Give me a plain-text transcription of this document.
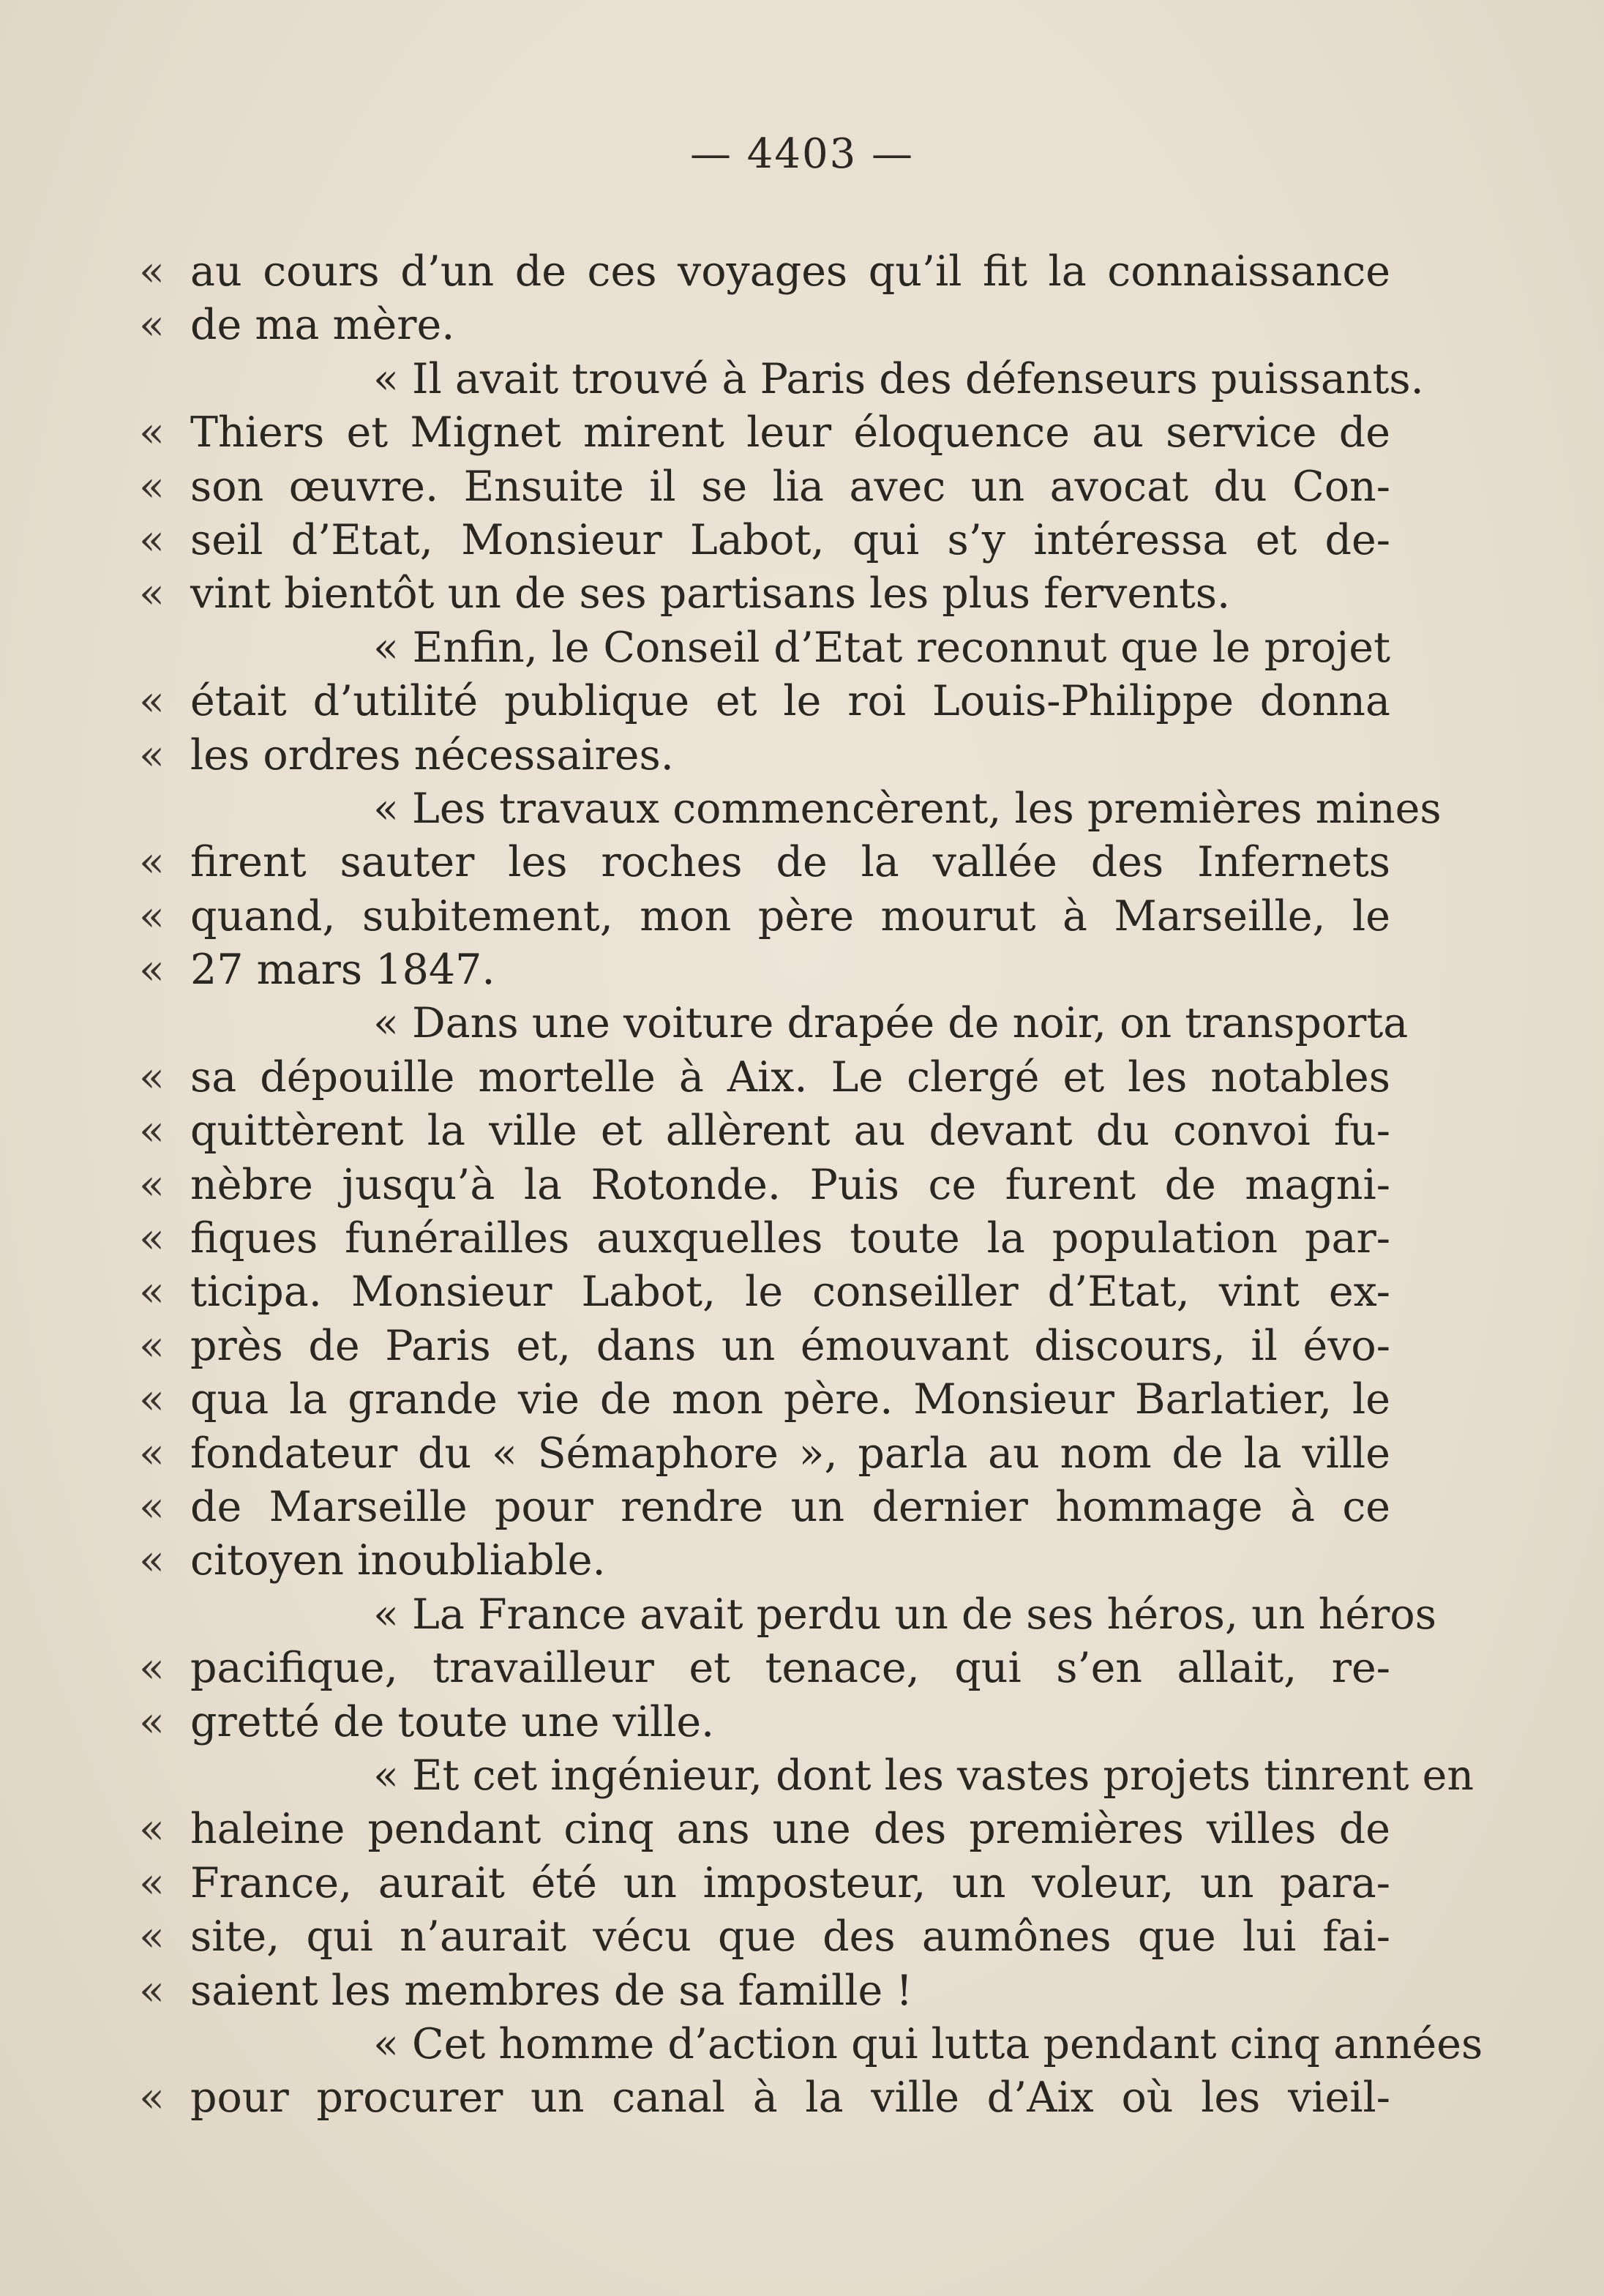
— 4403 —
« au cours d’un de ces voyages qu’il fit la connaissance
« de ma mère.
« Il avait trouvé à Paris des défenseurs puissants.
« Thiers et Mignet mirent leur éloquence au service de
« son œuvre. Ensuite il se lia avec un avocat du Con-
« seil d’Etat, Monsieur Labot, qui s’y intéressa et de-
« vint bientôt un de ses partisans les plus fervents.
« Enfin, le Conseil d’Etat reconnut que le projet
« était d’utilité publique et le roi Louis-Philippe donna
« les ordres nécessaires.
« Les travaux commencèrent, les premières mines
« firent sauter les roches de la vallée des Infernets
« quand, subitement, mon père mourut à Marseille, le
« 27 mars 1847.
« Dans une voiture drapée de noir, on transporta
« sa dépouille mortelle à Aix. Le clergé et les notables
« quittèrent la ville et allèrent au devant du convoi fu-
« nèbre jusqu’à la Rotonde. Puis ce furent de magni-
« fiques funérailles auxquelles toute la population par-
« ticipa. Monsieur Labot, le conseiller d’Etat, vint ex-
« près de Paris et, dans un émouvant discours, il évo-
« qua la grande vie de mon père. Monsieur Barlatier, le
« fondateur du « Sémaphore », parla au nom de la ville
« de Marseille pour rendre un dernier hommage à ce
« citoyen inoubliable.
« La France avait perdu un de ses héros, un héros
« pacifique, travailleur et tenace, qui s’en allait, re-
« gretté de toute une ville.
« Et cet ingénieur, dont les vastes projets tinrent en
« haleine pendant cinq ans une des premières villes de
« France, aurait été un imposteur, un voleur, un para-
« site, qui n’aurait vécu que des aumônes que lui fai-
« saient les membres de sa famille !
« Cet homme d’action qui lutta pendant cinq années
« pour procurer un canal à la ville d’Aix où les vieil-
